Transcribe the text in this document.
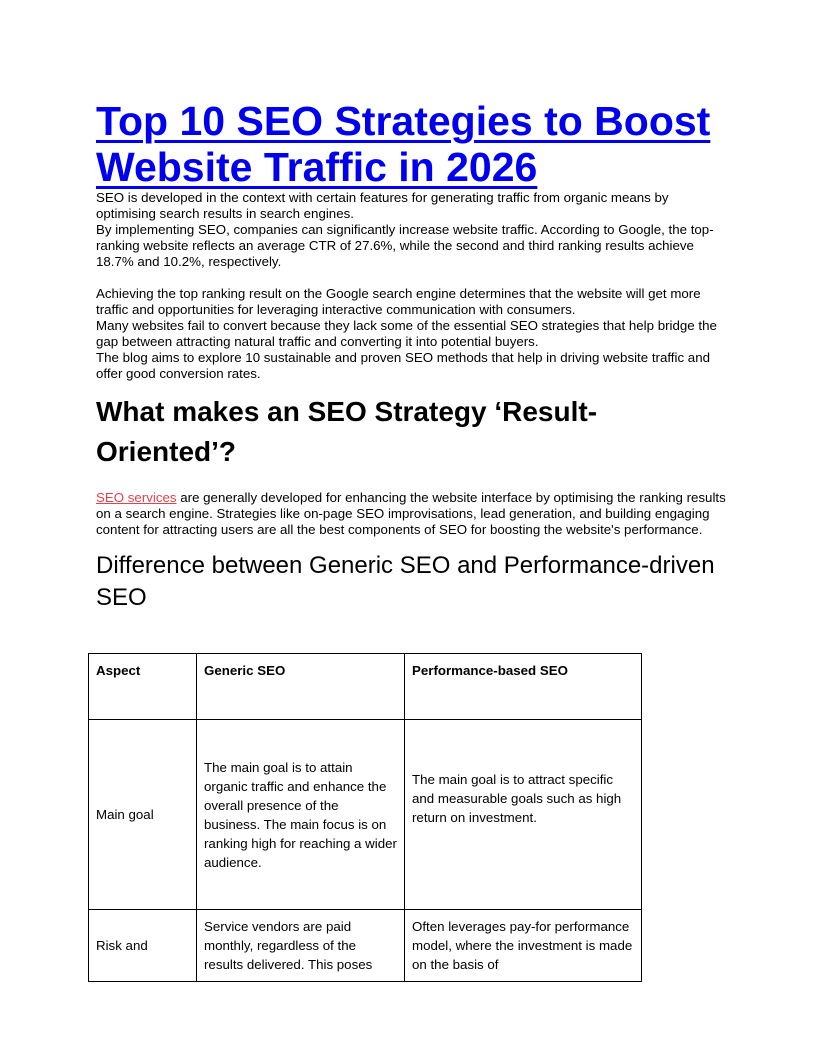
Top 10 SEO Strategies to Boost
Website Traffic in 2026

SEO is developed in the context with certain features for generating traffic from organic means by optimising search results in search engines.

By implementing SEO, companies can significantly increase website traffic. According to Google, the top-ranking website reflects an average CTR of 27.6%, while the second and third ranking results achieve 18.7% and 10.2%, respectively.

Achieving the top ranking result on the Google search engine determines that the website will get more traffic and opportunities for leveraging interactive communication with consumers.

Many websites fail to convert because they lack some of the essential SEO strategies that help bridge the gap between attracting natural traffic and converting it into potential buyers.

The blog aims to explore 10 sustainable and proven SEO methods that help in driving website traffic and offer good conversion rates.

What makes an SEO Strategy ‘Result-Oriented’?

SEO services are generally developed for enhancing the website interface by optimising the ranking results on a search engine. Strategies like on-page SEO improvisations, lead generation, and building engaging content for attracting users are all the best components of SEO for boosting the website's performance.

Difference between Generic SEO and Performance-driven SEO
Aspect	Generic SEO	Performance-based SEO
Main goal	The main goal is to attain organic traffic and enhance the overall presence of the business. The main focus is on ranking high for reaching a wider audience.	The main goal is to attract specific and measurable goals such as high return on investment.
Risk and	Service vendors are paid monthly, regardless of the results delivered. This poses	Often leverages pay-for performance model, where the investment is made on the basis of
